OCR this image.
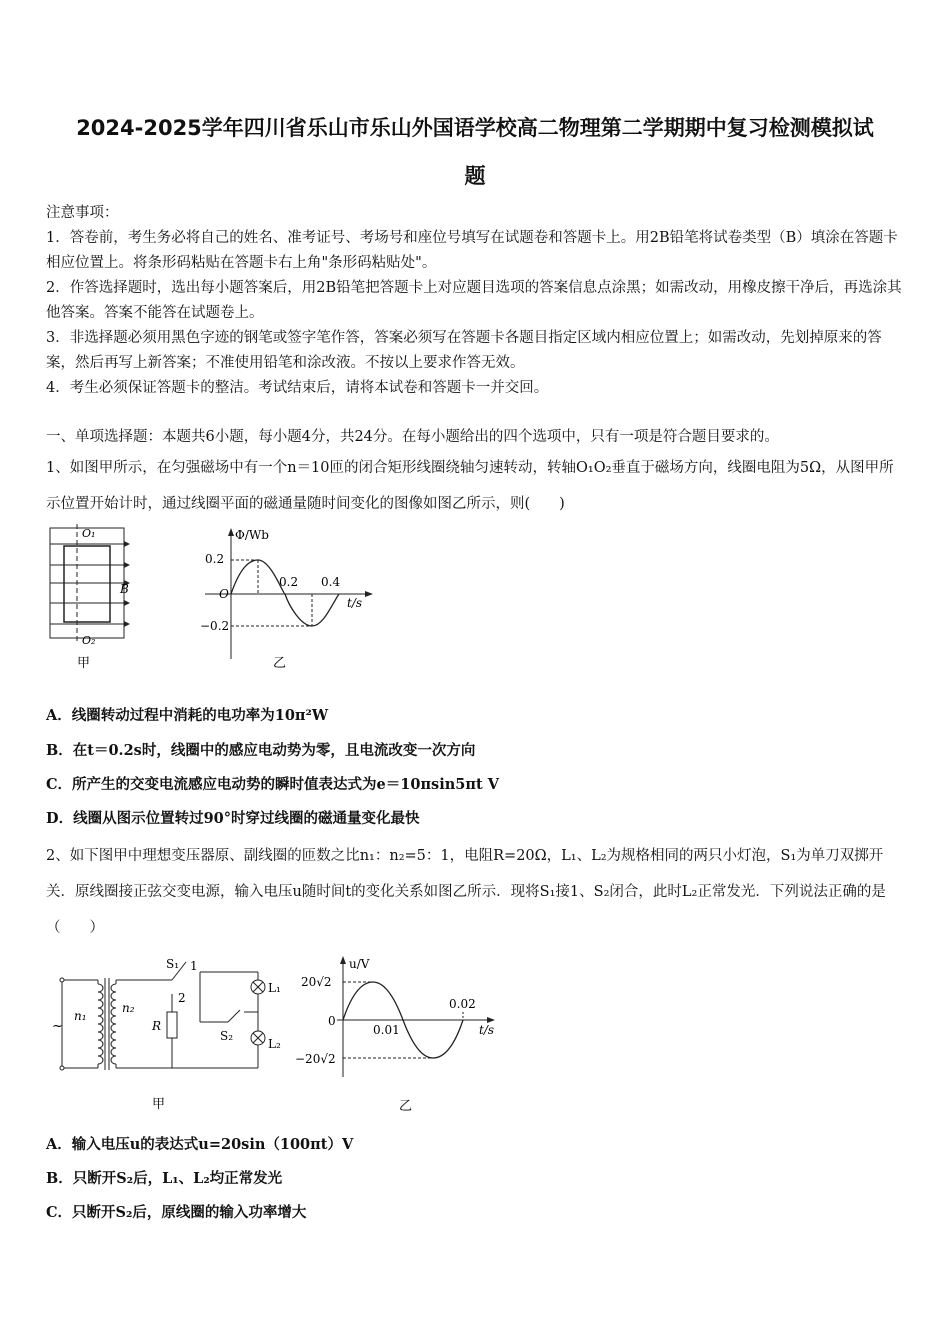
2024-2025学年四川省乐山市乐山外国语学校高二物理第二学期期中复习检测模拟试
题
注意事项：
1．答卷前，考生务必将自己的姓名、准考证号、考场号和座位号填写在试题卷和答题卡上。用2B铅笔将试卷类型（B）填涂在答题卡相应位置上。将条形码粘贴在答题卡右上角"条形码粘贴处"。
2．作答选择题时，选出每小题答案后，用2B铅笔把答题卡上对应题目选项的答案信息点涂黑；如需改动，用橡皮擦干净后，再选涂其他答案。答案不能答在试题卷上。
3．非选择题必须用黑色字迹的钢笔或签字笔作答，答案必须写在答题卡各题目指定区域内相应位置上；如需改动，先划掉原来的答案，然后再写上新答案；不准使用铅笔和涂改液。不按以上要求作答无效。
4．考生必须保证答题卡的整洁。考试结束后，请将本试卷和答题卡一并交回。
一、单项选择题：本题共6小题，每小题4分，共24分。在每小题给出的四个选项中，只有一项是符合题目要求的。
1、如图甲所示，在匀强磁场中有一个n＝10匝的闭合矩形线圈绕轴匀速转动，转轴O₁O₂垂直于磁场方向，线圈电阻为5Ω，从图甲所示位置开始计时，通过线圈平面的磁通量随时间变化的图像如图乙所示，则(　　)
O₁
O₂
B
甲
Φ/Wb
0.2
O
−0.2
0.2 0.4
t/s
乙
A．线圈转动过程中消耗的电功率为10π²W
B．在t＝0.2s时，线圈中的感应电动势为零，且电流改变一次方向
C．所产生的交变电流感应电动势的瞬时值表达式为e＝10πsin5πt V
D．线圈从图示位置转过90°时穿过线圈的磁通量变化最快
2、如下图甲中理想变压器原、副线圈的匝数之比n₁：n₂=5：1，电阻R=20Ω，L₁、L₂为规格相同的两只小灯泡，S₁为单刀双掷开关．原线圈接正弦交变电源，输入电压u随时间t的变化关系如图乙所示．现将S₁接1、S₂闭合，此时L₂正常发光．下列说法正确的是（　　）
~
n₁
n₂
S₁ 1
2
R
L₁
S₂
L₂
甲
u/V
20√2
0
−20√2
0.01
0.02
t/s
乙
A．输入电压u的表达式u=20sin（100πt）V
B．只断开S₂后，L₁、L₂均正常发光
C．只断开S₂后，原线圈的输入功率增大
